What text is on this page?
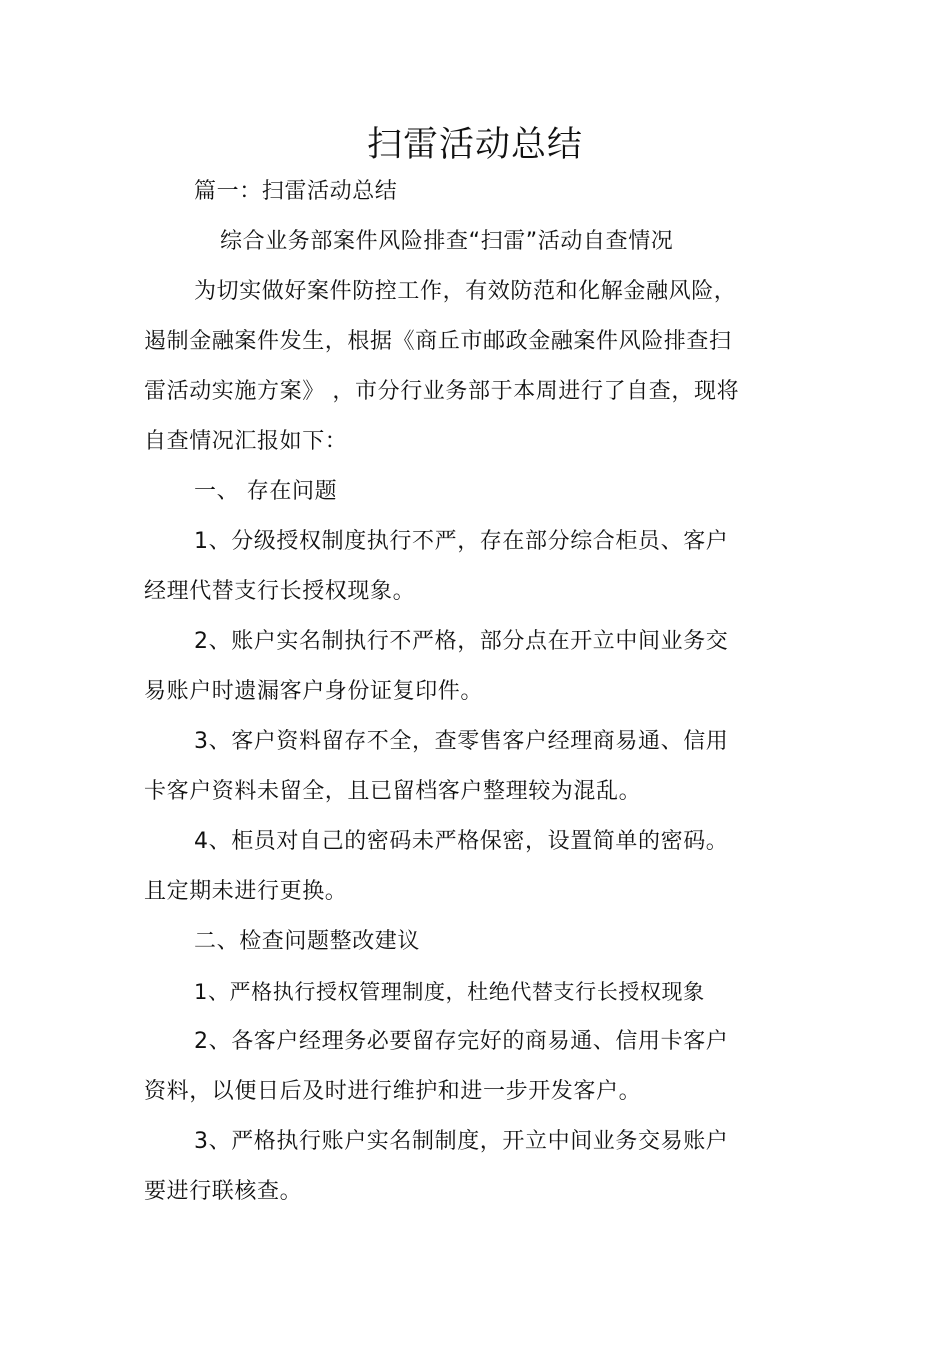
扫雷活动总结
篇一：扫雷活动总结
综合业务部案件风险排查“扫雷”活动自查情况
为切实做好案件防控工作，有效防范和化解金融风险，
遏制金融案件发生，根据《商丘市邮政金融案件风险排查扫
雷活动实施方案》 ，市分行业务部于本周进行了自查，现将
自查情况汇报如下：
一、 存在问题
1、分级授权制度执行不严，存在部分综合柜员、客户
经理代替支行长授权现象。
2、账户实名制执行不严格，部分点在开立中间业务交
易账户时遗漏客户身份证复印件。
3、客户资料留存不全，查零售客户经理商易通、信用
卡客户资料未留全，且已留档客户整理较为混乱。
4、柜员对自己的密码未严格保密，设置简单的密码。
且定期未进行更换。
二、检查问题整改建议
1、严格执行授权管理制度，杜绝代替支行长授权现象
2、各客户经理务必要留存完好的商易通、信用卡客户
资料，以便日后及时进行维护和进一步开发客户。
3、严格执行账户实名制制度，开立中间业务交易账户
要进行联核查。
